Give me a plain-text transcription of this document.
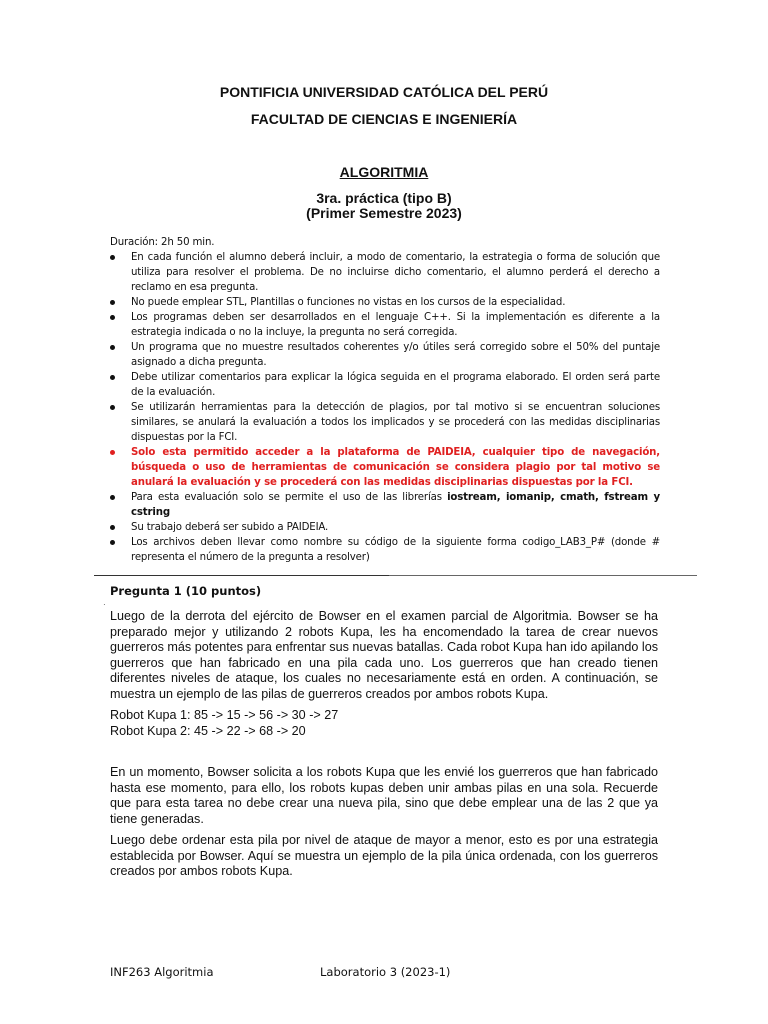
PONTIFICIA UNIVERSIDAD CATÓLICA DEL PERÚ
FACULTAD DE CIENCIAS E INGENIERÍA
ALGORITMIA
3ra. práctica (tipo B)
(Primer Semestre 2023)

Duración: 2h 50 min.

En cada función el alumno deberá incluir, a modo de comentario, la estrategia o forma de solución que utiliza para resolver el problema. De no incluirse dicho comentario, el alumno perderá el derecho a reclamo en esa pregunta.
No puede emplear STL, Plantillas o funciones no vistas en los cursos de la especialidad.
Los programas deben ser desarrollados en el lenguaje C++. Si la implementación es diferente a la estrategia indicada o no la incluye, la pregunta no será corregida.
Un programa que no muestre resultados coherentes y/o útiles será corregido sobre el 50% del puntaje asignado a dicha pregunta.
Debe utilizar comentarios para explicar la lógica seguida en el programa elaborado. El orden será parte de la evaluación.
Se utilizarán herramientas para la detección de plagios, por tal motivo si se encuentran soluciones similares, se anulará la evaluación a todos los implicados y se procederá con las medidas disciplinarias dispuestas por la FCI.
Solo esta permitido acceder a la plataforma de PAIDEIA, cualquier tipo de navegación, búsqueda o uso de herramientas de comunicación se considera plagio por tal motivo se anulará la evaluación y se procederá con las medidas disciplinarias dispuestas por la FCI.
Para esta evaluación solo se permite el uso de las librerías iostream, iomanip, cmath, fstream y cstring
Su trabajo deberá ser subido a PAIDEIA.
Los archivos deben llevar como nombre su código de la siguiente forma codigo_LAB3_P# (donde # representa el número de la pregunta a resolver)
Pregunta 1 (10 puntos)
·
Luego de la derrota del ejército de Bowser en el examen parcial de Algoritmia. Bowser se ha preparado mejor y utilizando 2 robots Kupa, les ha encomendado la tarea de crear nuevos guerreros más potentes para enfrentar sus nuevas batallas. Cada robot Kupa han ido apilando los guerreros que han fabricado en una pila cada uno. Los guerreros que han creado tienen diferentes niveles de ataque, los cuales no necesariamente está en orden. A continuación, se muestra un ejemplo de las pilas de guerreros creados por ambos robots Kupa.
Robot Kupa 1: 85 -> 15 -> 56 -> 30 -> 27
Robot Kupa 2: 45 -> 22 -> 68 -> 20
En un momento, Bowser solicita a los robots Kupa que les envié los guerreros que han fabricado hasta ese momento, para ello, los robots kupas deben unir ambas pilas en una sola. Recuerde que para esta tarea no debe crear una nueva pila, sino que debe emplear una de las 2 que ya tiene generadas.
Luego debe ordenar esta pila por nivel de ataque de mayor a menor, esto es por una estrategia establecida por Bowser. Aquí se muestra un ejemplo de la pila única ordenada, con los guerreros creados por ambos robots Kupa.
INF263 Algoritmia	Laboratorio 3 (2023-1)
